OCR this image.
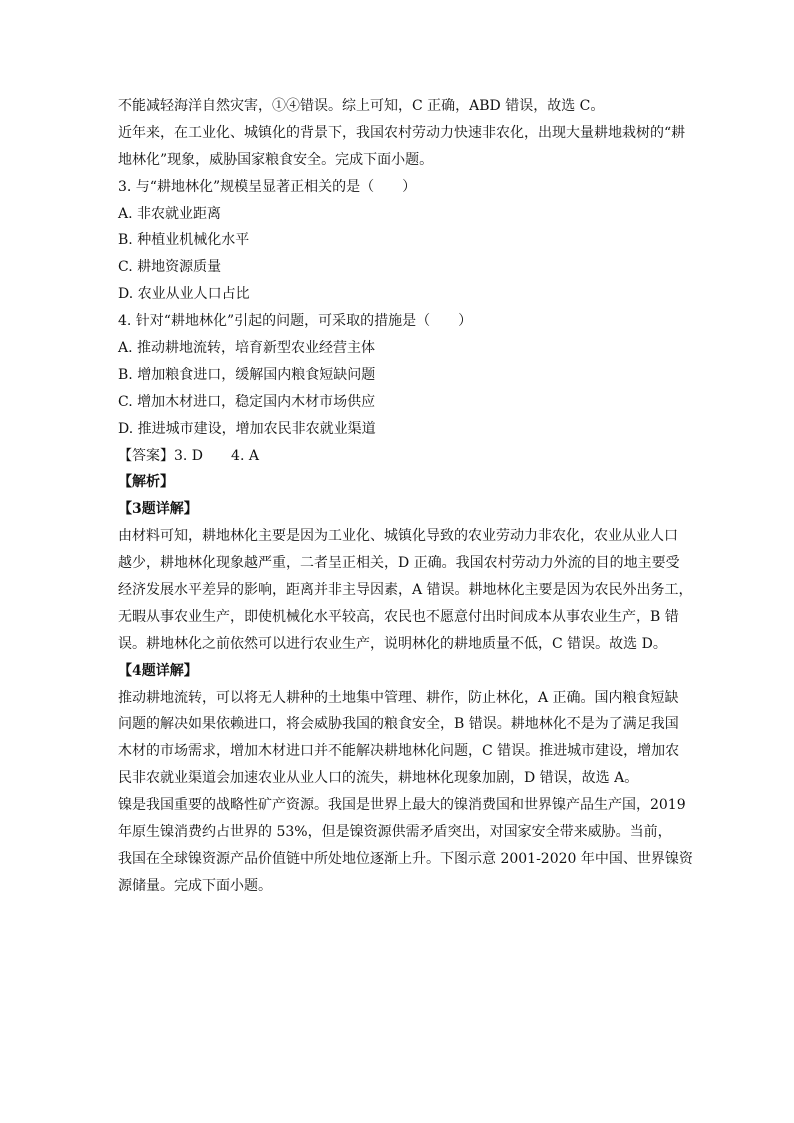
不能减轻海洋自然灾害，①④错误。综上可知，C 正确，ABD 错误，故选 C。
近年来，在工业化、城镇化的背景下，我国农村劳动力快速非农化，出现大量耕地栽树的“耕
地林化”现象，威胁国家粮食安全。完成下面小题。
3. 与“耕地林化”规模呈显著正相关的是（　　）
A. 非农就业距离
B. 种植业机械化水平
C. 耕地资源质量
D. 农业从业人口占比
4. 针对“耕地林化”引起的问题，可采取的措施是（　　）
A. 推动耕地流转，培育新型农业经营主体
B. 增加粮食进口，缓解国内粮食短缺问题
C. 增加木材进口，稳定国内木材市场供应
D. 推进城市建设，增加农民非农就业渠道
【答案】3. D　　4. A
【解析】
【3题详解】
由材料可知，耕地林化主要是因为工业化、城镇化导致的农业劳动力非农化，农业从业人口
越少，耕地林化现象越严重，二者呈正相关，D 正确。我国农村劳动力外流的目的地主要受
经济发展水平差异的影响，距离并非主导因素，A 错误。耕地林化主要是因为农民外出务工，
无暇从事农业生产，即使机械化水平较高，农民也不愿意付出时间成本从事农业生产，B 错
误。耕地林化之前依然可以进行农业生产，说明林化的耕地质量不低，C 错误。故选 D。
【4题详解】
推动耕地流转，可以将无人耕种的土地集中管理、耕作，防止林化，A 正确。国内粮食短缺
问题的解决如果依赖进口，将会威胁我国的粮食安全，B 错误。耕地林化不是为了满足我国
木材的市场需求，增加木材进口并不能解决耕地林化问题，C 错误。推进城市建设，增加农
民非农就业渠道会加速农业从业人口的流失，耕地林化现象加剧，D 错误，故选 A。
镍是我国重要的战略性矿产资源。我国是世界上最大的镍消费国和世界镍产品生产国，2019
年原生镍消费约占世界的 53%，但是镍资源供需矛盾突出，对国家安全带来威胁。当前，
我国在全球镍资源产品价值链中所处地位逐渐上升。下图示意 2001-2020 年中国、世界镍资
源储量。完成下面小题。
